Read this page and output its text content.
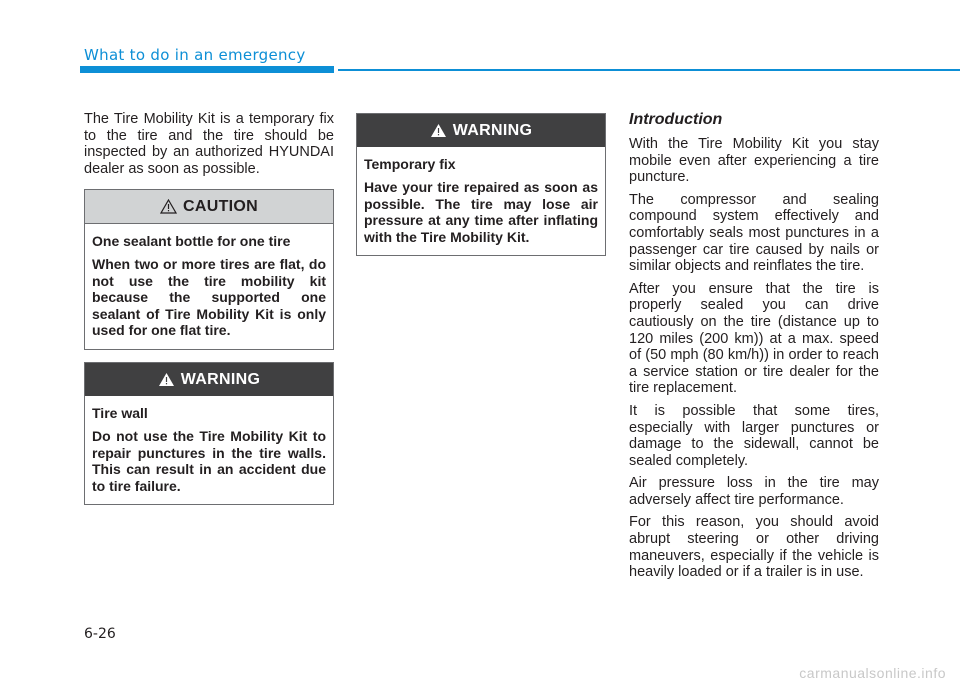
What to do in an emergency

The Tire Mobility Kit is a temporary fix to the tire and the tire should be inspected by an authorized HYUNDAI dealer as soon as possible.

CAUTION

One sealant bottle for one tire

When two or more tires are flat, do not use the tire mobility kit because the supported one sealant of Tire Mobility Kit is only used for one flat tire.

WARNING

Tire wall

Do not use the Tire Mobility Kit to repair punctures in the tire walls. This can result in an accident due to tire failure.

WARNING

Temporary fix

Have your tire repaired as soon as possible. The tire may lose air pressure at any time after inflating with the Tire Mobility Kit.

Introduction

With the Tire Mobility Kit you stay mobile even after experiencing a tire puncture.

The compressor and sealing compound system effectively and comfortably seals most punctures in a passenger car tire caused by nails or similar objects and reinflates the tire.

After you ensure that the tire is properly sealed you can drive cautiously on the tire (distance up to 120 miles (200 km)) at a max. speed of (50 mph (80 km/h)) in order to reach a service station or tire dealer for the tire replacement.

It is possible that some tires, especially with larger punctures or damage to the sidewall, cannot be sealed completely.

Air pressure loss in the tire may adversely affect tire performance.

For this reason, you should avoid abrupt steering or other driving maneuvers, especially if the vehicle is heavily loaded or if a trailer is in use.

6-26
carmanualsonline.info
